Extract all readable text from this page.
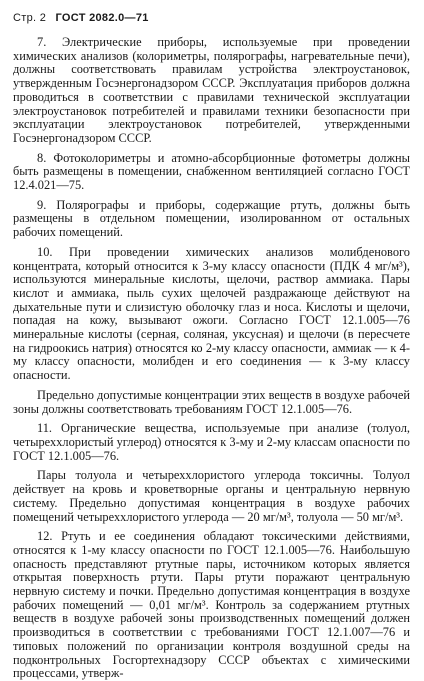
Стр. 2 ГОСТ 2082.0—71

7. Электрические приборы, используемые при проведении химических анализов (колориметры, полярографы, нагревательные печи), должны соответствовать правилам устройства электроустановок, утвержденным Госэнергонадзором СССР. Эксплуатация приборов должна проводиться в соответствии с правилами технической эксплуатации электроустановок потребителей и правилами техники безопасности при эксплуатации электроустановок потребителей, утвержденными Госэнергонадзором СССР.

8. Фотоколориметры и атомно-абсорбционные фотометры должны быть размещены в помещении, снабженном вентиляцией согласно ГОСТ 12.4.021—75.

9. Полярографы и приборы, содержащие ртуть, должны быть размещены в отдельном помещении, изолированном от остальных рабочих помещений.

10. При проведении химических анализов молибденового концентрата, который относится к 3-му классу опасности (ПДК 4 мг/м³), используются минеральные кислоты, щелочи, раствор аммиака. Пары кислот и аммиака, пыль сухих щелочей раздражающе действуют на дыхательные пути и слизистую оболочку глаз и носа. Кислоты и щелочи, попадая на кожу, вызывают ожоги. Согласно ГОСТ 12.1.005—76 минеральные кислоты (серная, соляная, уксусная) и щелочи (в пересчете на гидроокись натрия) относятся ко 2-му классу опасности, аммиак — к 4-му классу опасности, молибден и его соединения — к 3-му классу опасности.

Предельно допустимые концентрации этих веществ в воздухе рабочей зоны должны соответствовать требованиям ГОСТ 12.1.005—76.

11. Органические вещества, используемые при анализе (толуол, четыреххлористый углерод) относятся к 3-му и 2-му классам опасности по ГОСТ 12.1.005—76.

Пары толуола и четыреххлористого углерода токсичны. Толуол действует на кровь и кроветворные органы и центральную нервную систему. Предельно допустимая концентрация в воздухе рабочих помещений четыреххлористого углерода — 20 мг/м³, толуола — 50 мг/м³.

12. Ртуть и ее соединения обладают токсическими действиями, относятся к 1-му классу опасности по ГОСТ 12.1.005—76. Наибольшую опасность представляют ртутные пары, источником которых является открытая поверхность ртути. Пары ртути поражают центральную нервную систему и почки. Предельно допустимая концентрация в воздухе рабочих помещений — 0,01 мг/м³. Контроль за содержанием ртутных веществ в воздухе рабочей зоны производственных помещений должен производиться в соответствии с требованиями ГОСТ 12.1.007—76 и типовых положений по организации контроля воздушной среды на подконтрольных Госгортехнадзору СССР объектах с химическими процессами, утверж-
